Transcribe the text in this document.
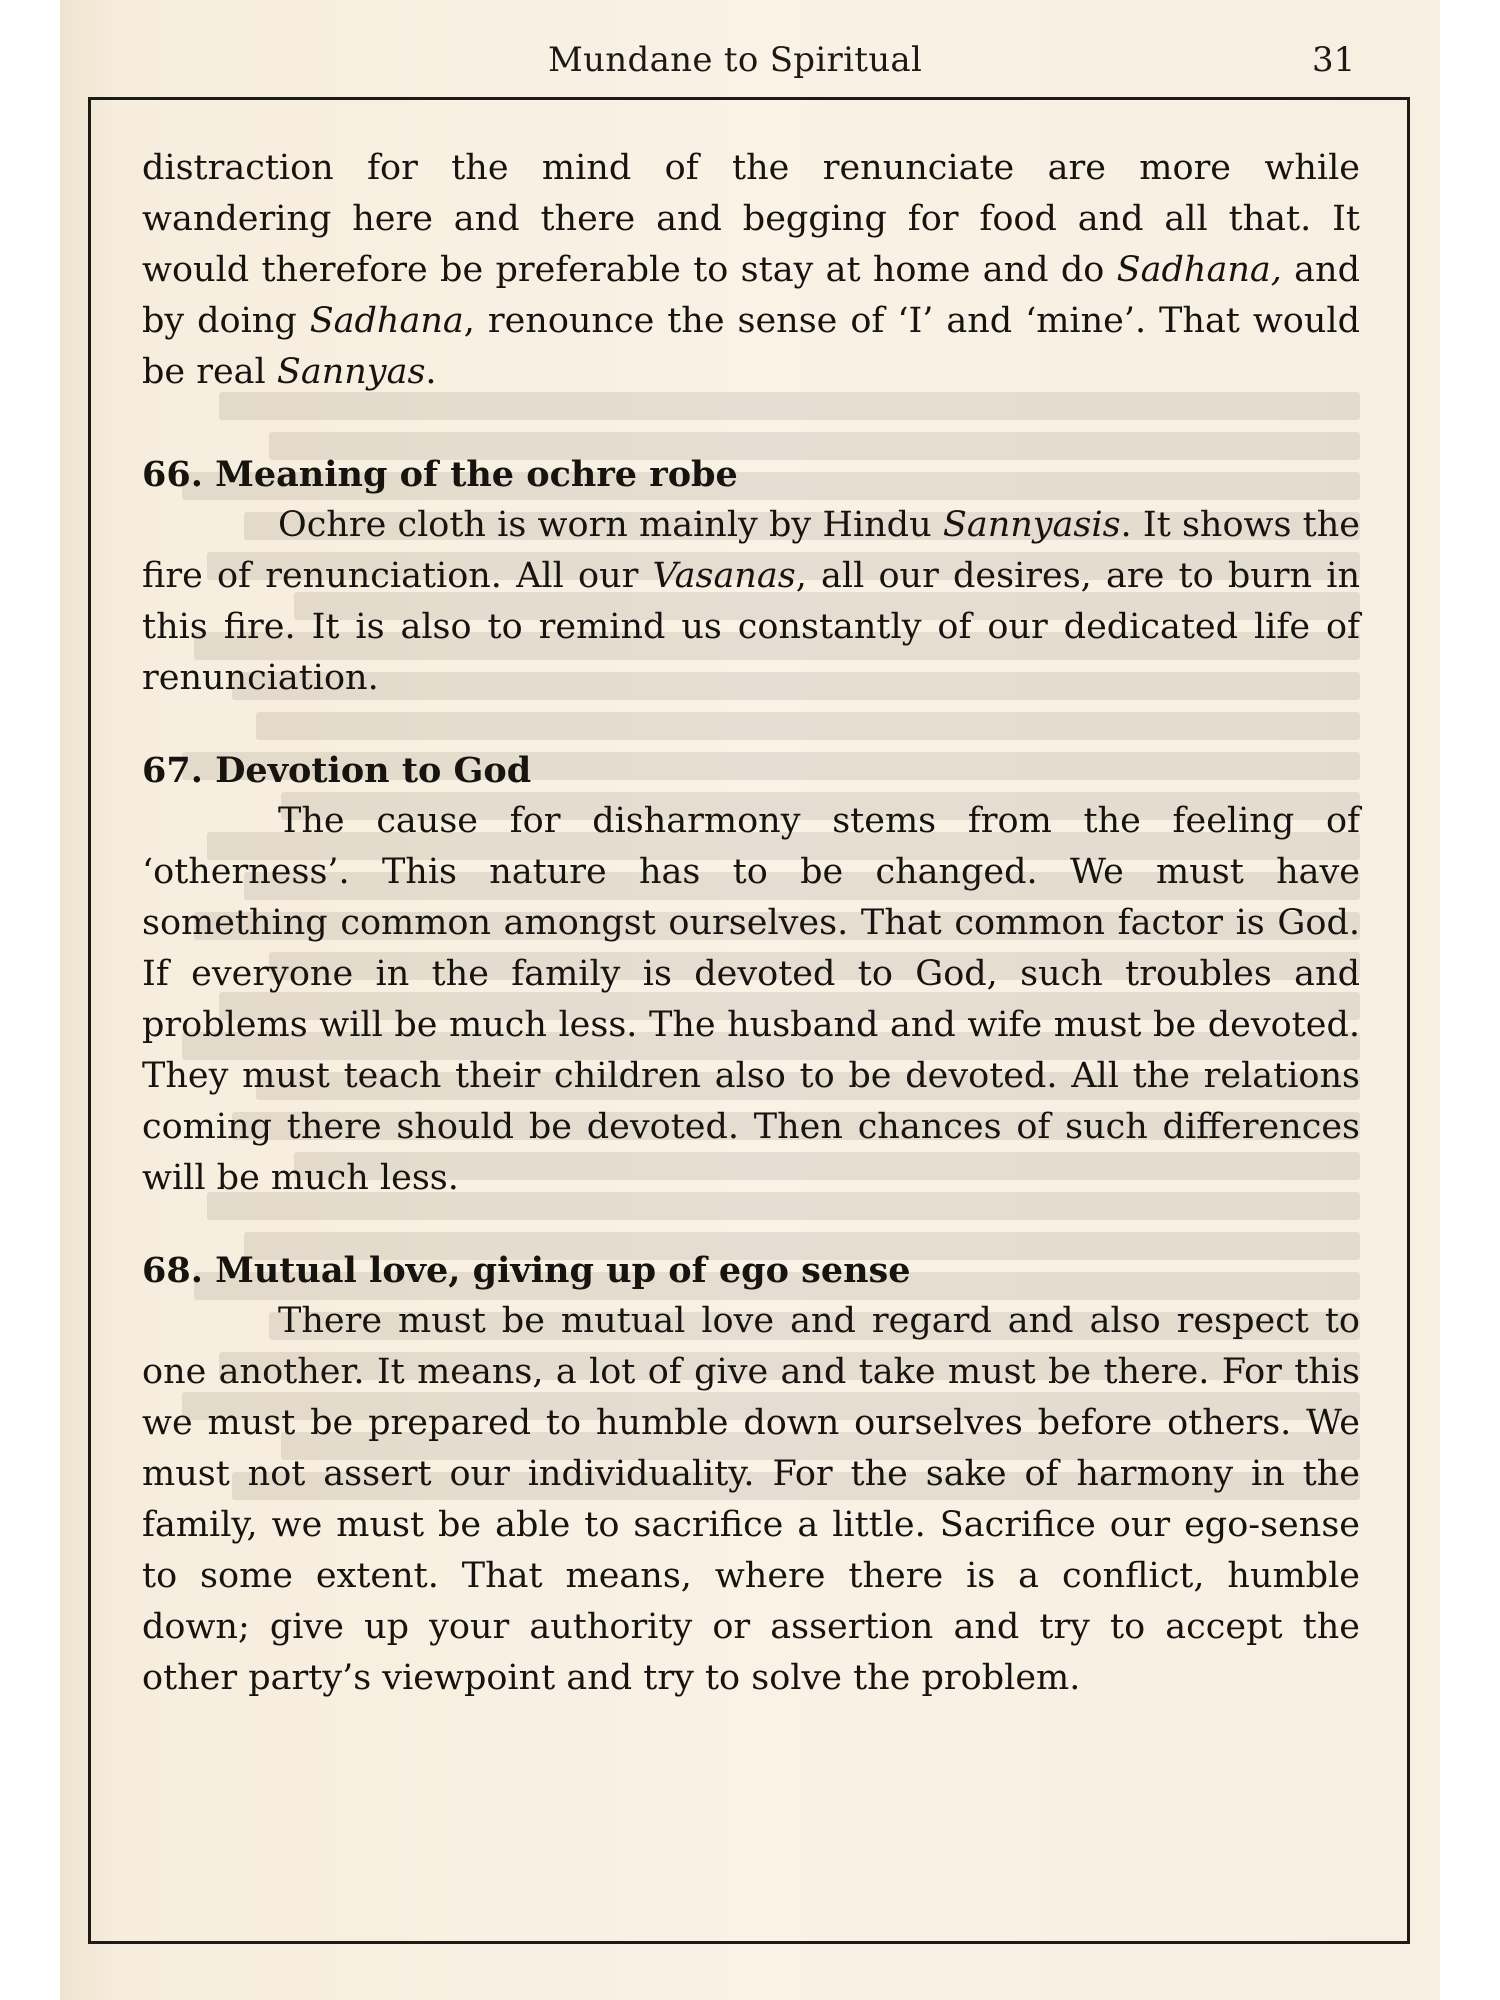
Mundane to Spiritual	31

distraction for the mind of the renunciate are more while wandering here and there and begging for food and all that. It would therefore be preferable to stay at home and do Sadhana, and by doing Sadhana, renounce the sense of ‘I’ and ‘mine’. That would be real Sannyas.

66. Meaning of the ochre robe

Ochre cloth is worn mainly by Hindu Sannyasis. It shows the fire of renunciation. All our Vasanas, all our desires, are to burn in this fire. It is also to remind us constantly of our dedicated life of renunciation.

67. Devotion to God

The cause for disharmony stems from the feeling of ‘otherness’. This nature has to be changed. We must have something common amongst ourselves. That common factor is God. If everyone in the family is devoted to God, such troubles and problems will be much less. The husband and wife must be devoted. They must teach their children also to be devoted. All the relations coming there should be devoted. Then chances of such differences will be much less.

68. Mutual love, giving up of ego sense

There must be mutual love and regard and also respect to one another. It means, a lot of give and take must be there. For this we must be prepared to humble down ourselves before others. We must not assert our individuality. For the sake of harmony in the family, we must be able to sacrifice a little. Sacrifice our ego-sense to some extent. That means, where there is a conflict, humble down; give up your authority or assertion and try to accept the other party’s viewpoint and try to solve the problem.
